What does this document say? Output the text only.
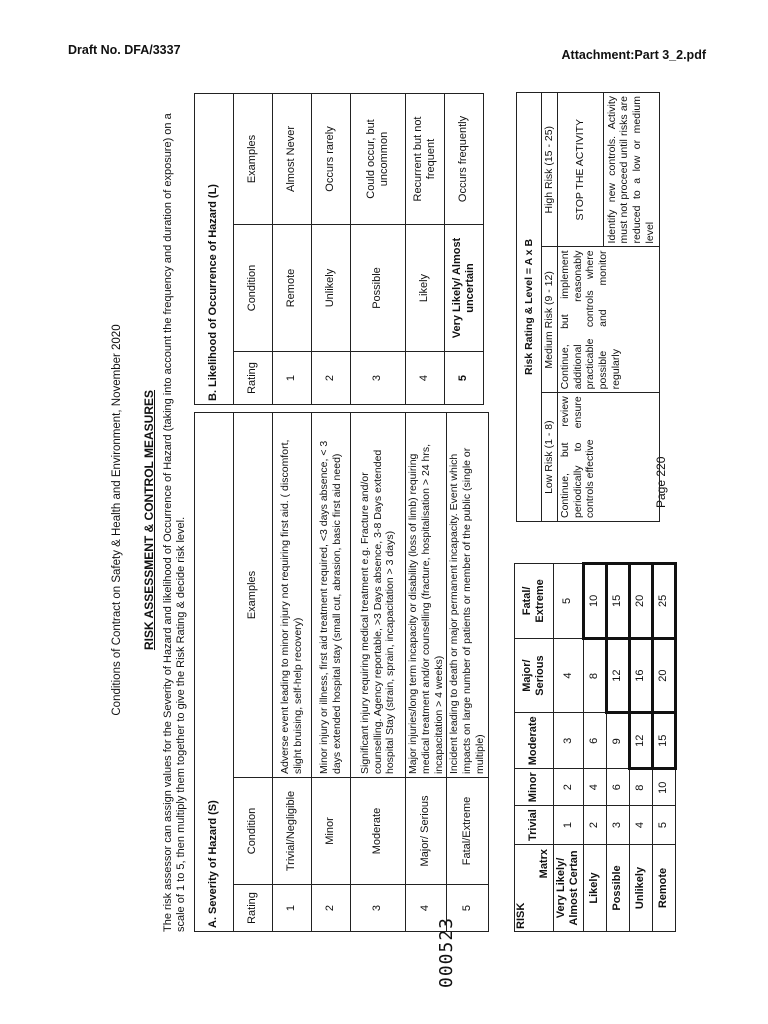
Draft No. DFA/3337	Attachment:Part 3_2.pdf
Page 220
000523
Conditions of Contract on Safety & Health and Environment, November 2020 RISK ASSESSMENT & CONTROL MEASURES The risk assessor can assign values for the Severity of Hazard and likelihood of Occurrence of Hazard (taking into account the frequency and duration of exposure) on a scale of 1 to 5, then multiply them together to give the Risk Rating & decide risk level. A. Severity of Hazard (S)		
Rating	Condition	Examples
1	Trivial/Negligible	Adverse event leading to minor injury not requiring first aid. ( discomfort, slight bruising, self-help recovery)
2	Minor	Minor injury or illness, first aid treatment required, <3 days absence, < 3 days extended hospital stay (small cut, abrasion, basic first aid need)
3	Moderate	Significant injury requiring medical treatment e.g. Fracture and/or counselling. Agency reportable, >3 Days absence, 3-8 Days extended hospital Stay (strain, sprain, incapacitation > 3 days)
4	Major/ Serious	Major injuries/long term incapacity or disability (loss of limb) requiring medical treatment and/or counselling (fracture, hospitalisation > 24 hrs, incapacitation > 4 weeks)
5	Fatal/Extreme	Incident leading to death or major permanent incapacity. Event which impacts on large number of patients or member of the public (single or multiple)
B. Likelihood of Occurrence of Hazard (L)		
Rating	Condition	Examples
1	Remote	Almost Never
2	Unlikely	Occurs rarely
3	Possible	Could occur, but uncommon
4	Likely	Recurrent but not frequent
5	Very Likely/ Almost uncertain	Occurs frequently
RISK
Matrx	Trivial	Minor	Moderate	Major/ Serious	Fatal/ Extreme
Very Likely/ Almost Certan	1	2	3	4	5
Likely	2	4	6	8	10
Possible	3	6	9	12	15
Unlikely	4	8	12	16	20
Remote	5	10	15	20	25
Risk Rating & Level = A x B		
Low Risk (1 - 8)	Medium Risk (9 - 12)	High Risk (15 - 25)
Continue, but review periodically to ensure controls effective	Continue, but implement additional reasonably practicable controls where possible and monitor regularly	STOP THE ACTIVITY Identify new controls. Activity must not proceed until risks are reduced to a low or medium level
